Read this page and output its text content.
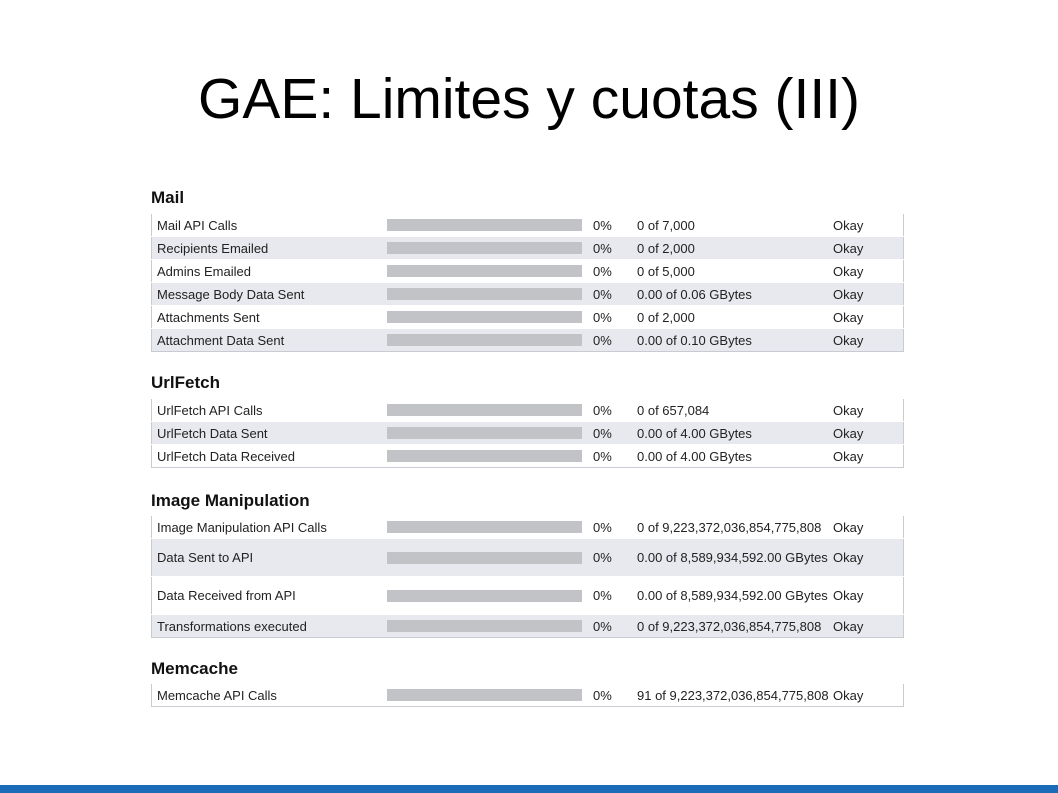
GAE: Limites y cuotas (III)
Mail
Mail API Calls		0%	0 of 7,000	Okay
Recipients Emailed		0%	0 of 2,000	Okay
Admins Emailed		0%	0 of 5,000	Okay
Message Body Data Sent		0%	0.00 of 0.06 GBytes	Okay
Attachments Sent		0%	0 of 2,000	Okay
Attachment Data Sent		0%	0.00 of 0.10 GBytes	Okay
UrlFetch
UrlFetch API Calls		0%	0 of 657,084	Okay
UrlFetch Data Sent		0%	0.00 of 4.00 GBytes	Okay
UrlFetch Data Received		0%	0.00 of 4.00 GBytes	Okay
Image Manipulation
Image Manipulation API Calls		0%	0 of 9,223,372,036,854,775,808	Okay
Data Sent to API		0%	0.00 of 8,589,934,592.00 GBytes	Okay
Data Received from API		0%	0.00 of 8,589,934,592.00 GBytes	Okay
Transformations executed		0%	0 of 9,223,372,036,854,775,808	Okay
Memcache
Memcache API Calls		0%	91 of 9,223,372,036,854,775,808	Okay
